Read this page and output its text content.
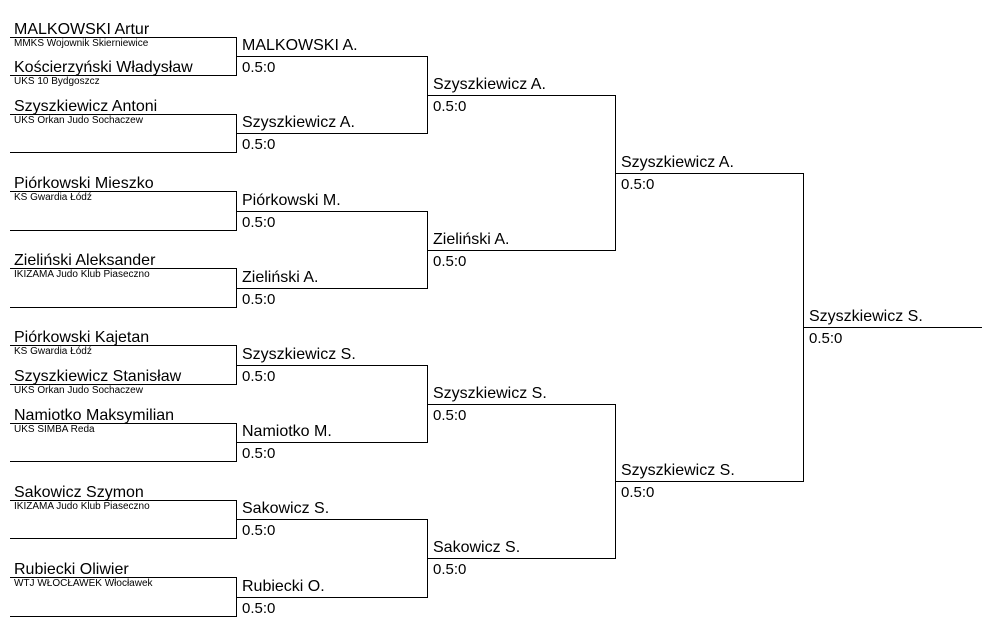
MALKOWSKI Artur
MMKS Wojownik Skierniewice
Kościerzyński Władysław
UKS 10 Bydgoszcz
Szyszkiewicz Antoni
UKS Orkan Judo Sochaczew
Piórkowski Mieszko
KS Gwardia Łódź
Zieliński Aleksander
IKIZAMA Judo Klub Piaseczno
Piórkowski Kajetan
KS Gwardia Łódź
Szyszkiewicz Stanisław
UKS Orkan Judo Sochaczew
Namiotko Maksymilian
UKS SIMBA Reda
Sakowicz Szymon
IKIZAMA Judo Klub Piaseczno
Rubiecki Oliwier
WTJ WŁOCŁAWEK Włocławek
MALKOWSKI A.
0.5:0
Szyszkiewicz A.
0.5:0
Piórkowski M.
0.5:0
Zieliński A.
0.5:0
Szyszkiewicz S.
0.5:0
Namiotko M.
0.5:0
Sakowicz S.
0.5:0
Rubiecki O.
0.5:0
Szyszkiewicz A.
0.5:0
Zieliński A.
0.5:0
Szyszkiewicz S.
0.5:0
Sakowicz S.
0.5:0
Szyszkiewicz A.
0.5:0
Szyszkiewicz S.
0.5:0
Szyszkiewicz S.
0.5:0
